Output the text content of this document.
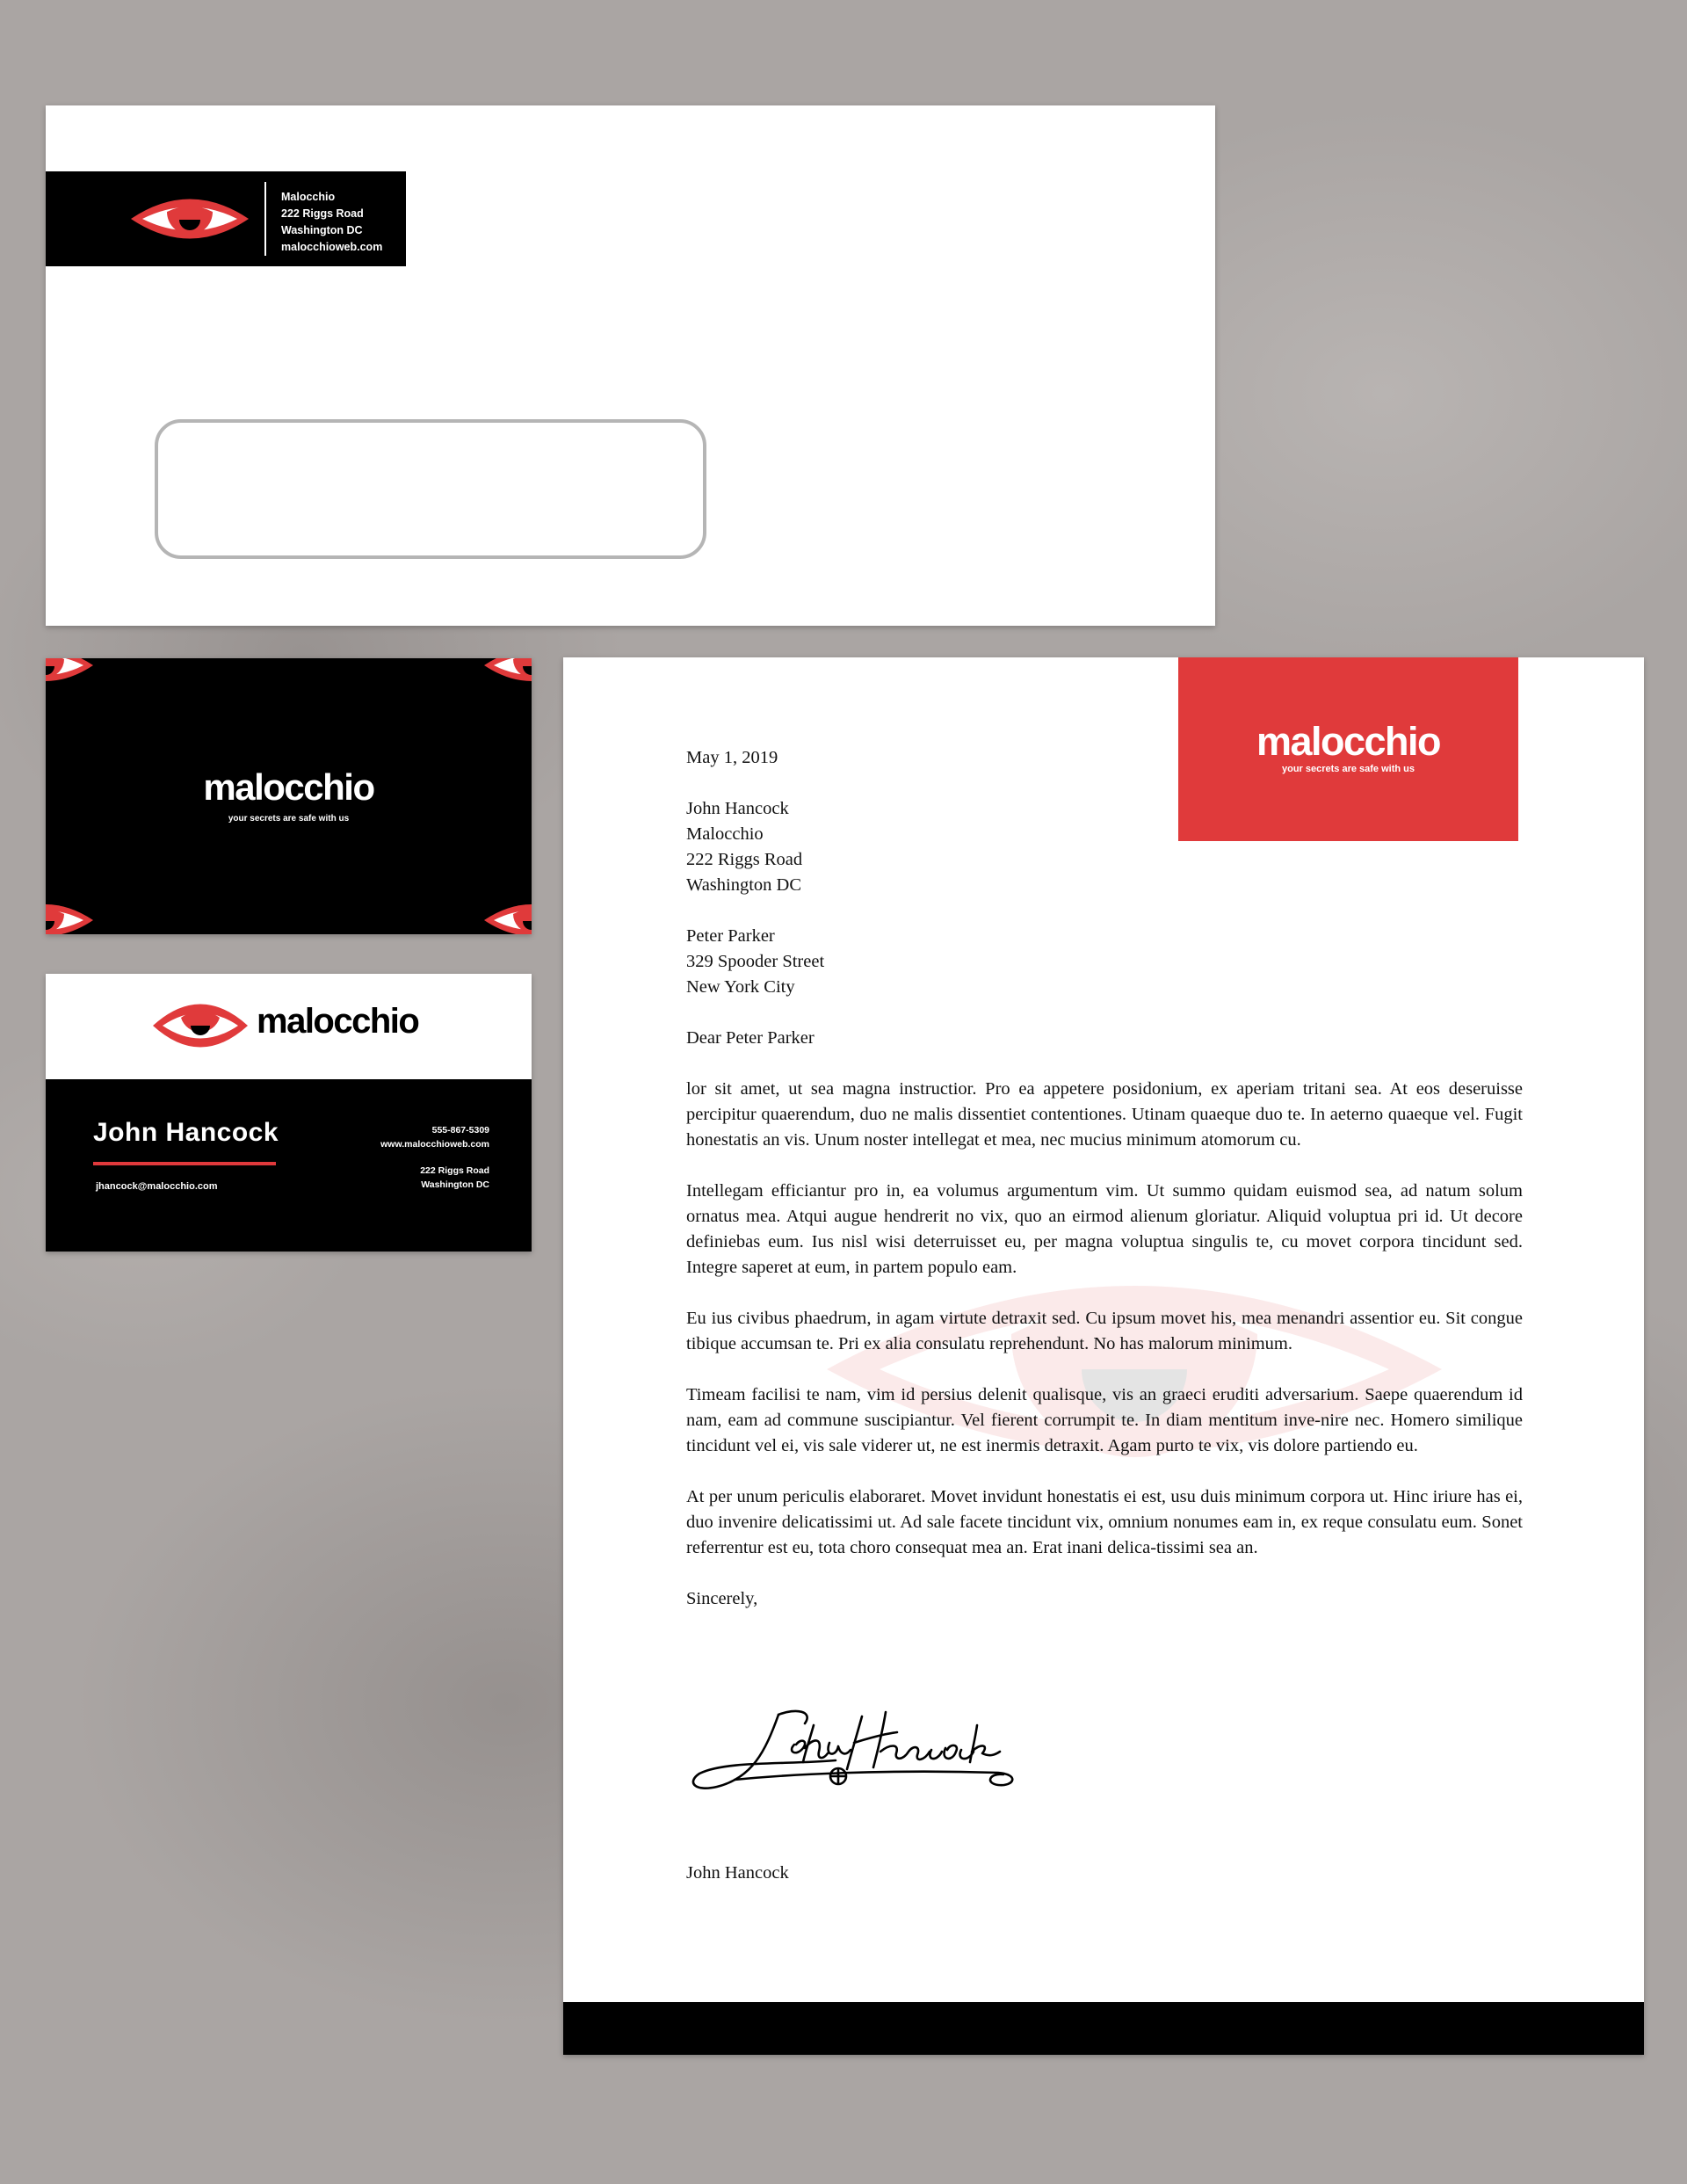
Malocchio
222 Riggs Road
Washington DC
malocchioweb.com
malocchio
your secrets are safe with us
malocchio
John Hancock
jhancock@malocchio.com
555-867-5309
www.malocchioweb.com
222 Riggs Road
Washington DC
malocchio
your secrets are safe with us
May 1, 2019
John Hancock
Malocchio
222 Riggs Road
Washington DC
Peter Parker
329 Spooder Street
New York City
Dear Peter Parker

lor sit amet, ut sea magna instructior. Pro ea appetere posidonium, ex aperiam tritani sea. At eos deseruisse percipitur quaerendum, duo ne malis dissentiet contentiones. Utinam quaeque duo te. In aeterno quaeque vel. Fugit honestatis an vis. Unum noster intellegat et mea, nec mucius minimum atomorum cu.

Intellegam efficiantur pro in, ea volumus argumentum vim. Ut summo quidam euismod sea, ad natum solum ornatus mea. Atqui augue hendrerit no vix, quo an eirmod alienum gloriatur. Aliquid voluptua pri id. Ut decore definiebas eum. Ius nisl wisi deterruisset eu, per magna voluptua singulis te, cu movet corpora tincidunt sed. Integre saperet at eum, in partem populo eam.

Eu ius civibus phaedrum, in agam virtute detraxit sed. Cu ipsum movet his, mea menandri assentior eu. Sit congue tibique accumsan te. Pri ex alia consulatu reprehendunt. No has malorum minimum.

Timeam facilisi te nam, vim id persius delenit qualisque, vis an graeci eruditi adversarium. Saepe quaerendum id nam, eam ad commune suscipiantur. Vel fierent corrumpit te. In diam mentitum inve-nire nec. Homero similique tincidunt vel ei, vis sale viderer ut, ne est inermis detraxit. Agam purto te vix, vis dolore partiendo eu.

At per unum periculis elaboraret. Movet invidunt honestatis ei est, usu duis minimum corpora ut. Hinc iriure has ei, duo invenire delicatissimi ut. Ad sale facete tincidunt vix, omnium nonumes eam in, ex reque consulatu eum. Sonet referrentur est eu, tota choro consequat mea an. Erat inani delica-tissimi sea an.

Sincerely,
John Hancock
